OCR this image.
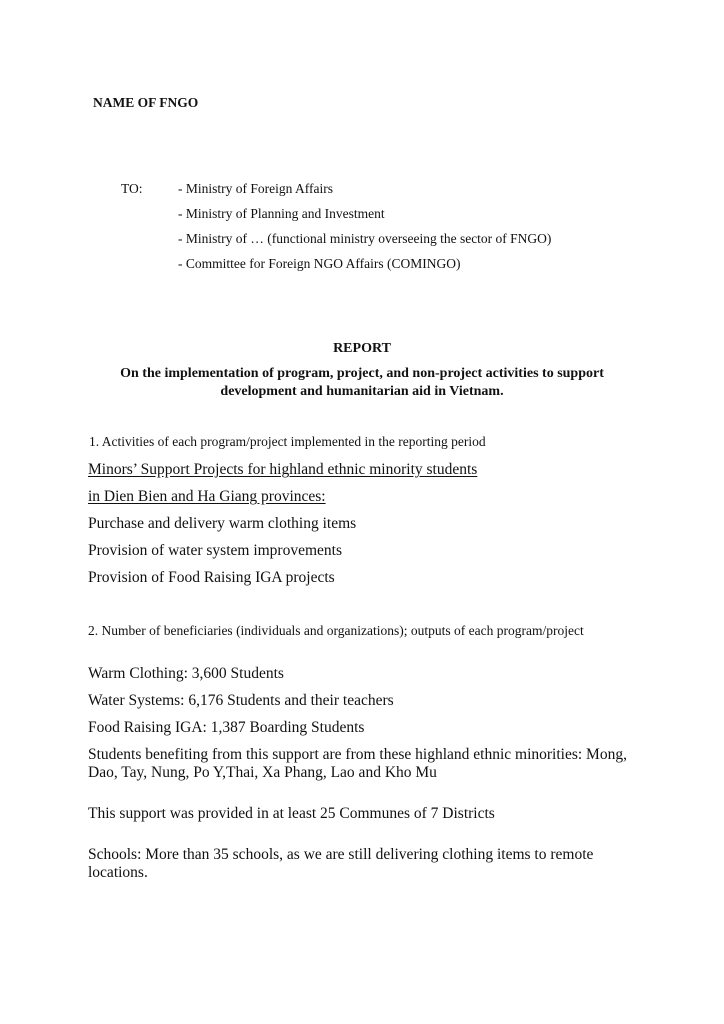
NAME OF FNGO
TO:	- Ministry of Foreign Affairs
- Ministry of Planning and Investment
- Ministry of … (functional ministry overseeing the sector of FNGO)
- Committee for Foreign NGO Affairs (COMINGO)
REPORT
On the implementation of program, project, and non-project activities to support development and humanitarian aid in Vietnam.
1. Activities of each program/project implemented in the reporting period
Minors’ Support Projects for highland ethnic minority students
in Dien Bien and Ha Giang provinces:
Purchase and delivery warm clothing items
Provision of water system improvements
Provision of Food Raising IGA projects
2. Number of beneficiaries (individuals and organizations); outputs of each program/project
Warm Clothing: 3,600 Students
Water Systems: 6,176 Students and their teachers
Food Raising IGA: 1,387 Boarding Students
Students benefiting from this support are from these highland ethnic minorities: Mong, Dao, Tay, Nung, Po Y,Thai, Xa Phang, Lao and Kho Mu
This support was provided in at least 25 Communes of 7 Districts
Schools: More than 35 schools, as we are still delivering clothing items to remote locations.
